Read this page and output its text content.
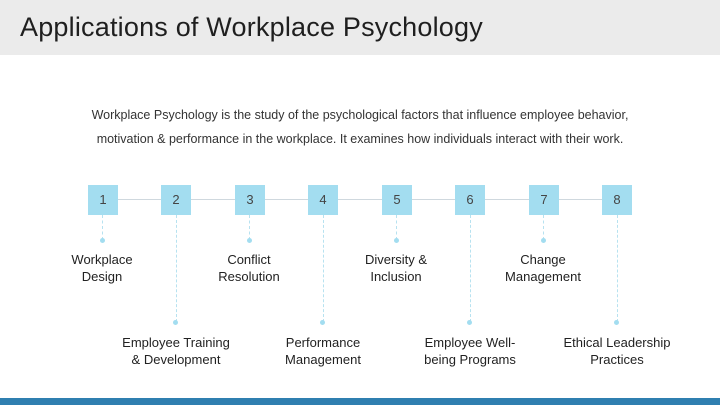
Applications of Workplace Psychology
Workplace Psychology is the study of the psychological factors that influence employee behavior,
motivation & performance in the workplace. It examines how individuals interact with their work.
1
Workplace
Design
2
Employee Training
& Development
3
Conflict
Resolution
4
Performance
Management
5
Diversity &
Inclusion
6
Employee Well-
being Programs
7
Change
Management
8
Ethical Leadership
Practices
